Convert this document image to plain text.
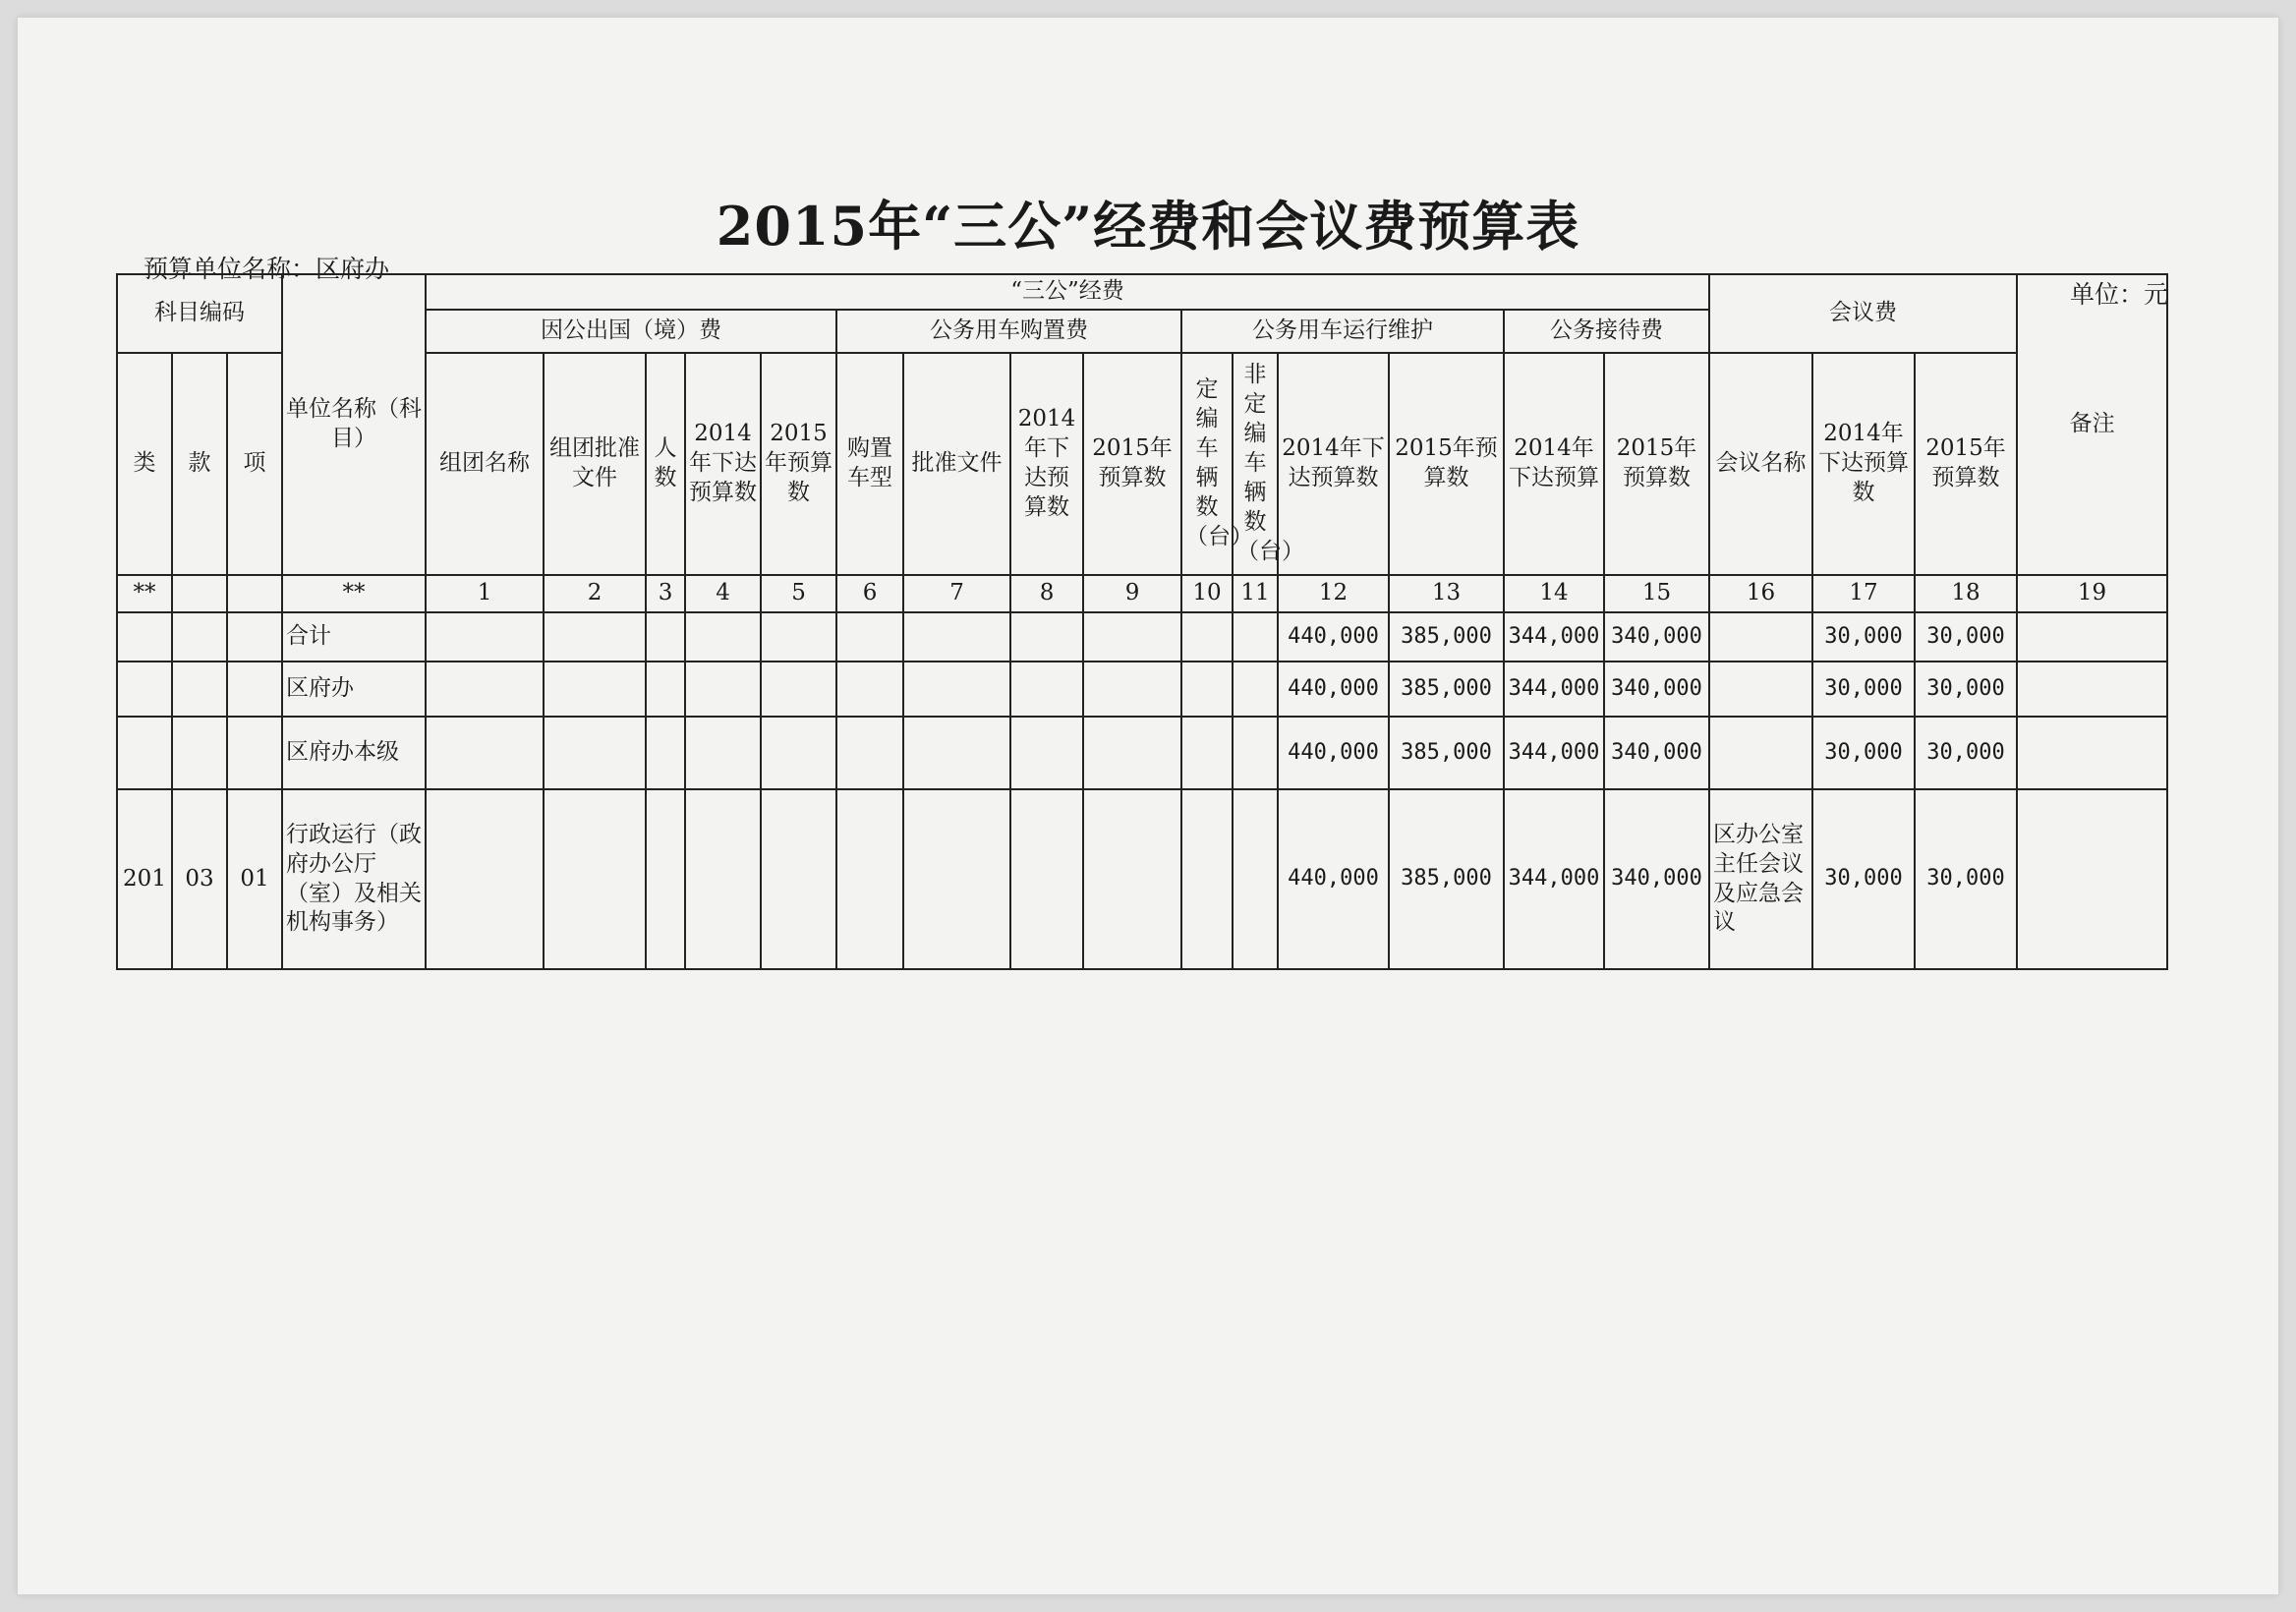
2015年“三公”经费和会议费预算表
预算单位名称：区府办
单位：元
科目编码			单位名称（科目）	“三公”经费															会议费			备注
				因公出国（境）费					公务用车购置费				公务用车运行维护				公务接待费					
类	款	项		组团名称	组团批准文件	人数	2014年下达预算数	2015年预算数	购置车型	批准文件	2014年下达预算数	2015年预算数	定编车辆数（台）	非定编车辆数（台）	2014年下达预算数	2015年预算数	2014年下达预算	2015年预算数	会议名称	2014年下达预算数	2015年预算数	
**			**	1	2	3	4	5	6	7	8	9	10	11	12	13	14	15	16	17	18	19
			合计												440,000	385,000	344,000	340,000		30,000	30,000	
			区府办												440,000	385,000	344,000	340,000		30,000	30,000	
			区府办本级												440,000	385,000	344,000	340,000		30,000	30,000	
201	03	01	行政运行（政府办公厅（室）及相关机构事务）												440,000	385,000	344,000	340,000	区办公室主任会议及应急会议	30,000	30,000	
